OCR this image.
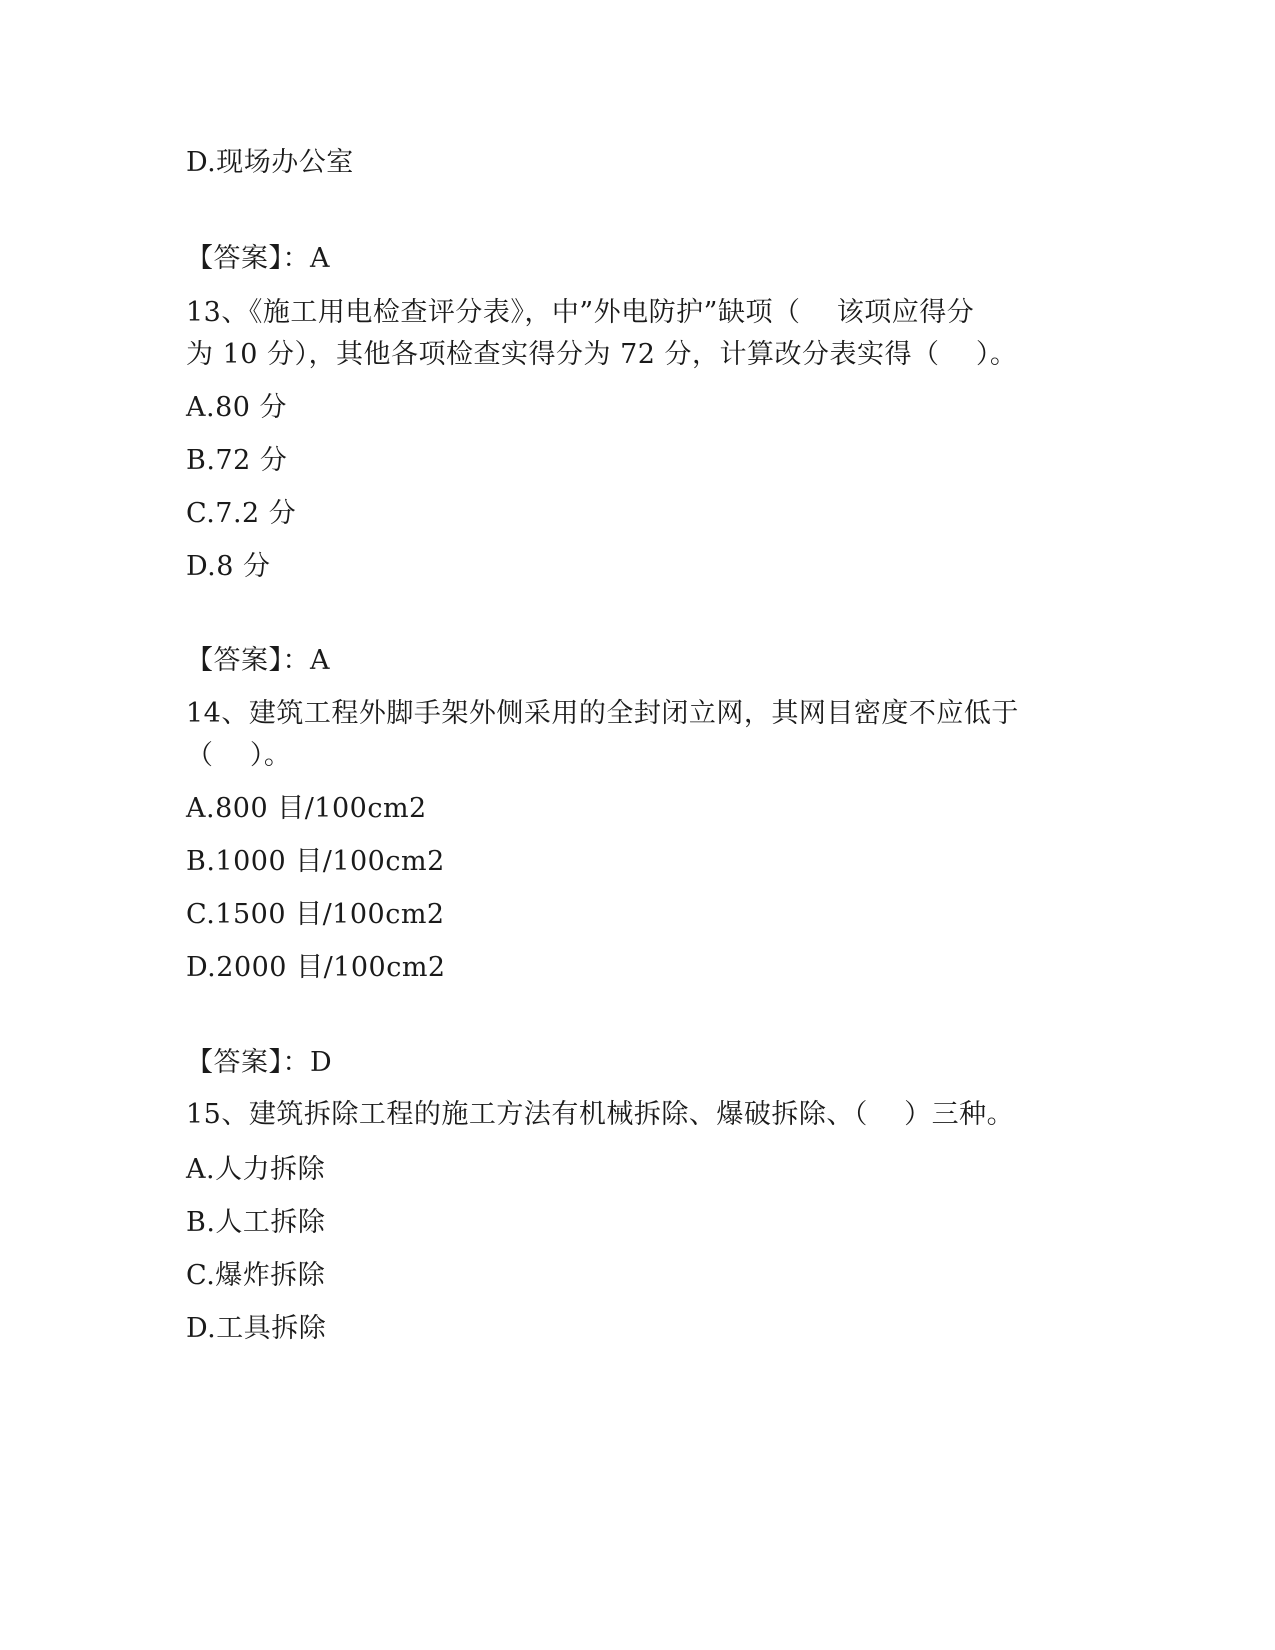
D.现场办公室
【答案】：A
13、《施工用电检查评分表》，中”外电防护”缺项（    该项应得分
为 10 分），其他各项检查实得分为 72 分，计算改分表实得（    ）。
A.80 分
B.72 分
C.7.2 分
D.8 分
【答案】：A
14、建筑工程外脚手架外侧采用的全封闭立网，其网目密度不应低于
（    ）。
A.800 目/100cm2
B.1000 目/100cm2
C.1500 目/100cm2
D.2000 目/100cm2
【答案】：D
15、建筑拆除工程的施工方法有机械拆除、爆破拆除、（    ）三种。
A.人力拆除
B.人工拆除
C.爆炸拆除
D.工具拆除
